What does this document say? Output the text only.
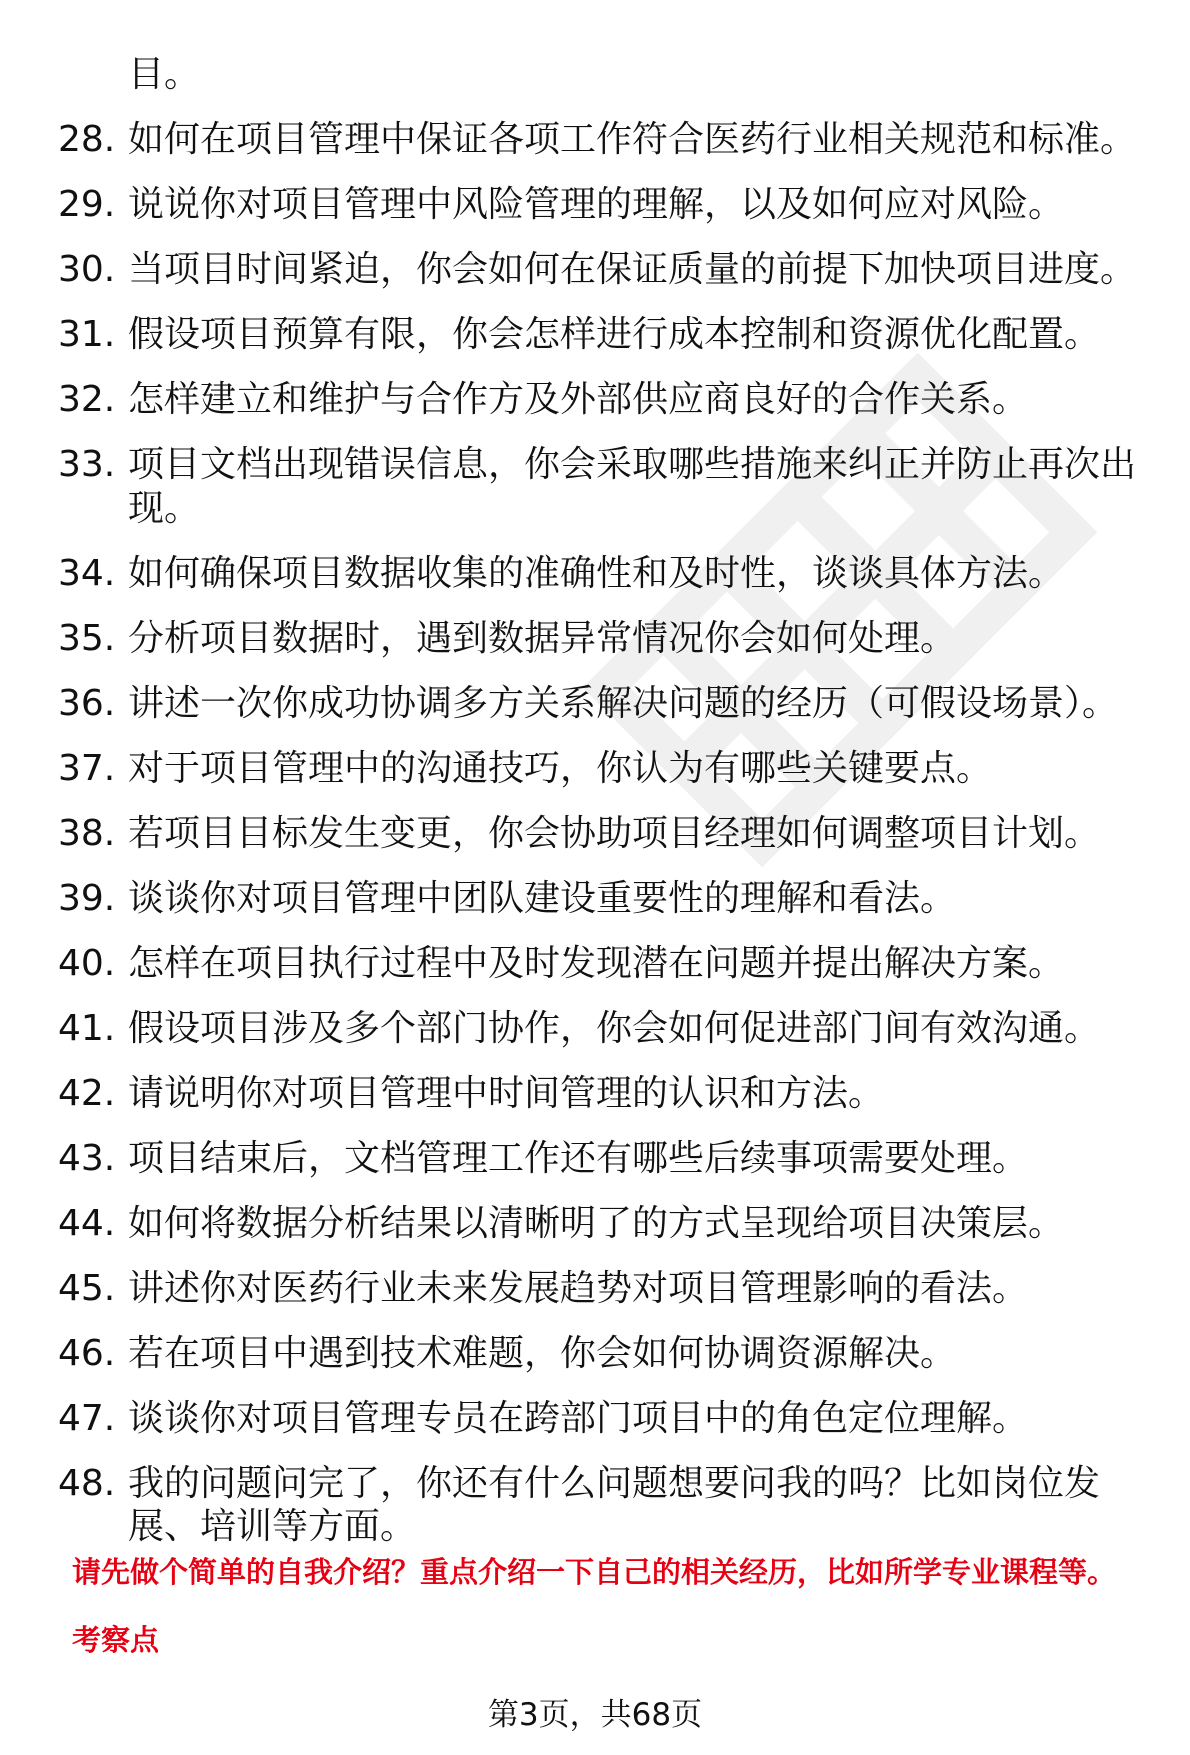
目。
28. 如何在项目管理中保证各项工作符合医药行业相关规范和标准。
29. 说说你对项目管理中风险管理的理解，以及如何应对风险。
30. 当项目时间紧迫，你会如何在保证质量的前提下加快项目进度。
31. 假设项目预算有限，你会怎样进行成本控制和资源优化配置。
32. 怎样建立和维护与合作方及外部供应商良好的合作关系。
33. 项目文档出现错误信息，你会采取哪些措施来纠正并防止再次出
现。
34. 如何确保项目数据收集的准确性和及时性，谈谈具体方法。
35. 分析项目数据时，遇到数据异常情况你会如何处理。
36. 讲述一次你成功协调多方关系解决问题的经历（可假设场景）。
37. 对于项目管理中的沟通技巧，你认为有哪些关键要点。
38. 若项目目标发生变更，你会协助项目经理如何调整项目计划。
39. 谈谈你对项目管理中团队建设重要性的理解和看法。
40. 怎样在项目执行过程中及时发现潜在问题并提出解决方案。
41. 假设项目涉及多个部门协作，你会如何促进部门间有效沟通。
42. 请说明你对项目管理中时间管理的认识和方法。
43. 项目结束后，文档管理工作还有哪些后续事项需要处理。
44. 如何将数据分析结果以清晰明了的方式呈现给项目决策层。
45. 讲述你对医药行业未来发展趋势对项目管理影响的看法。
46. 若在项目中遇到技术难题，你会如何协调资源解决。
47. 谈谈你对项目管理专员在跨部门项目中的角色定位理解。
48. 我的问题问完了，你还有什么问题想要问我的吗？比如岗位发
展、培训等方面。
请先做个简单的自我介绍？重点介绍一下自己的相关经历，比如所学专业课程等。
考察点
第3页，共68页
